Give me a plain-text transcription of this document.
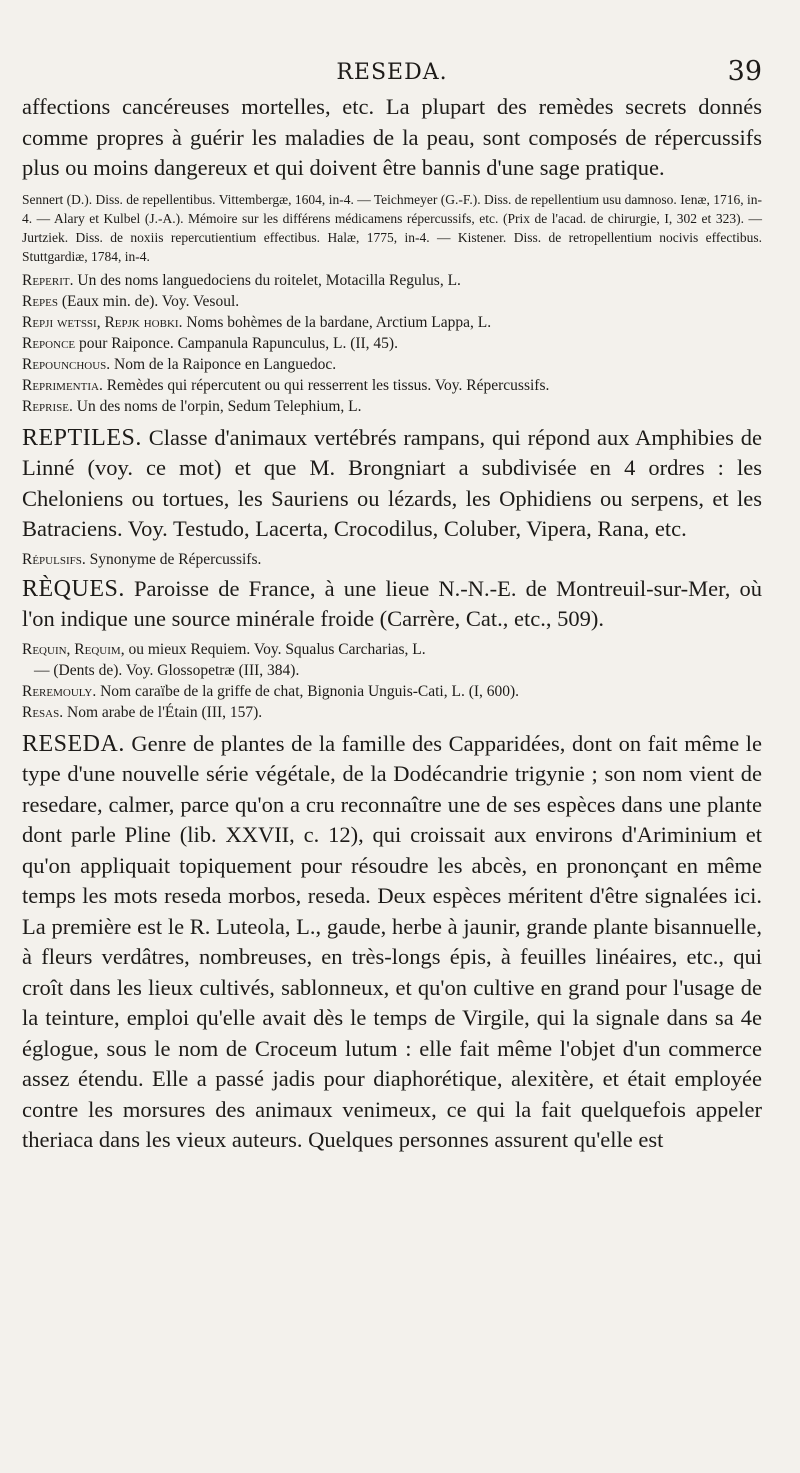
RESEDA.	39

affections cancéreuses mortelles, etc. La plupart des remèdes secrets donnés comme propres à guérir les maladies de la peau, sont composés de répercussifs plus ou moins dangereux et qui doivent être bannis d'une sage pratique.

Sennert (D.). Diss. de repellentibus. Vittembergæ, 1604, in-4. — Teichmeyer (G.-F.). Diss. de repellentium usu damnoso. Ienæ, 1716, in-4. — Alary et Kulbel (J.-A.). Mémoire sur les différens médicamens répercussifs, etc. (Prix de l'acad. de chirurgie, I, 302 et 323). — Jurtziek. Diss. de noxiis repercutientium effectibus. Halæ, 1775, in-4. — Kistener. Diss. de retropellentium nocivis effectibus. Stuttgardiæ, 1784, in-4.

Reperit. Un des noms languedociens du roitelet, Motacilla Regulus, L.

Repes (Eaux min. de). Voy. Vesoul.

Repji wetssi, Repjk hobki. Noms bohèmes de la bardane, Arctium Lappa, L.

Reponce pour Raiponce. Campanula Rapunculus, L. (II, 45).

Repounchous. Nom de la Raiponce en Languedoc.

Reprimentia. Remèdes qui répercutent ou qui resserrent les tissus. Voy. Répercussifs.

Reprise. Un des noms de l'orpin, Sedum Telephium, L.

REPTILES. Classe d'animaux vertébrés rampans, qui répond aux Amphibies de Linné (voy. ce mot) et que M. Brongniart a subdivisée en 4 ordres : les Cheloniens ou tortues, les Sauriens ou lézards, les Ophidiens ou serpens, et les Batraciens. Voy. Testudo, Lacerta, Crocodilus, Coluber, Vipera, Rana, etc.

Répulsifs. Synonyme de Répercussifs.

RÈQUES. Paroisse de France, à une lieue N.-N.-E. de Montreuil-sur-Mer, où l'on indique une source minérale froide (Carrère, Cat., etc., 509).

Requin, Requim, ou mieux Requiem. Voy. Squalus Carcharias, L.

— (Dents de). Voy. Glossopetræ (III, 384).

Reremouly. Nom caraïbe de la griffe de chat, Bignonia Unguis-Cati, L. (I, 600).

Resas. Nom arabe de l'Étain (III, 157).

RESEDA. Genre de plantes de la famille des Capparidées, dont on fait même le type d'une nouvelle série végétale, de la Dodécandrie trigynie ; son nom vient de resedare, calmer, parce qu'on a cru reconnaître une de ses espèces dans une plante dont parle Pline (lib. XXVII, c. 12), qui croissait aux environs d'Ariminium et qu'on appliquait topiquement pour résoudre les abcès, en prononçant en même temps les mots reseda morbos, reseda. Deux espèces méritent d'être signalées ici. La première est le R. Luteola, L., gaude, herbe à jaunir, grande plante bisannuelle, à fleurs verdâtres, nombreuses, en très-longs épis, à feuilles linéaires, etc., qui croît dans les lieux cultivés, sablonneux, et qu'on cultive en grand pour l'usage de la teinture, emploi qu'elle avait dès le temps de Virgile, qui la signale dans sa 4e églogue, sous le nom de Croceum lutum : elle fait même l'objet d'un commerce assez étendu. Elle a passé jadis pour diaphorétique, alexitère, et était employée contre les morsures des animaux venimeux, ce qui la fait quelquefois appeler theriaca dans les vieux auteurs. Quelques personnes assurent qu'elle est
